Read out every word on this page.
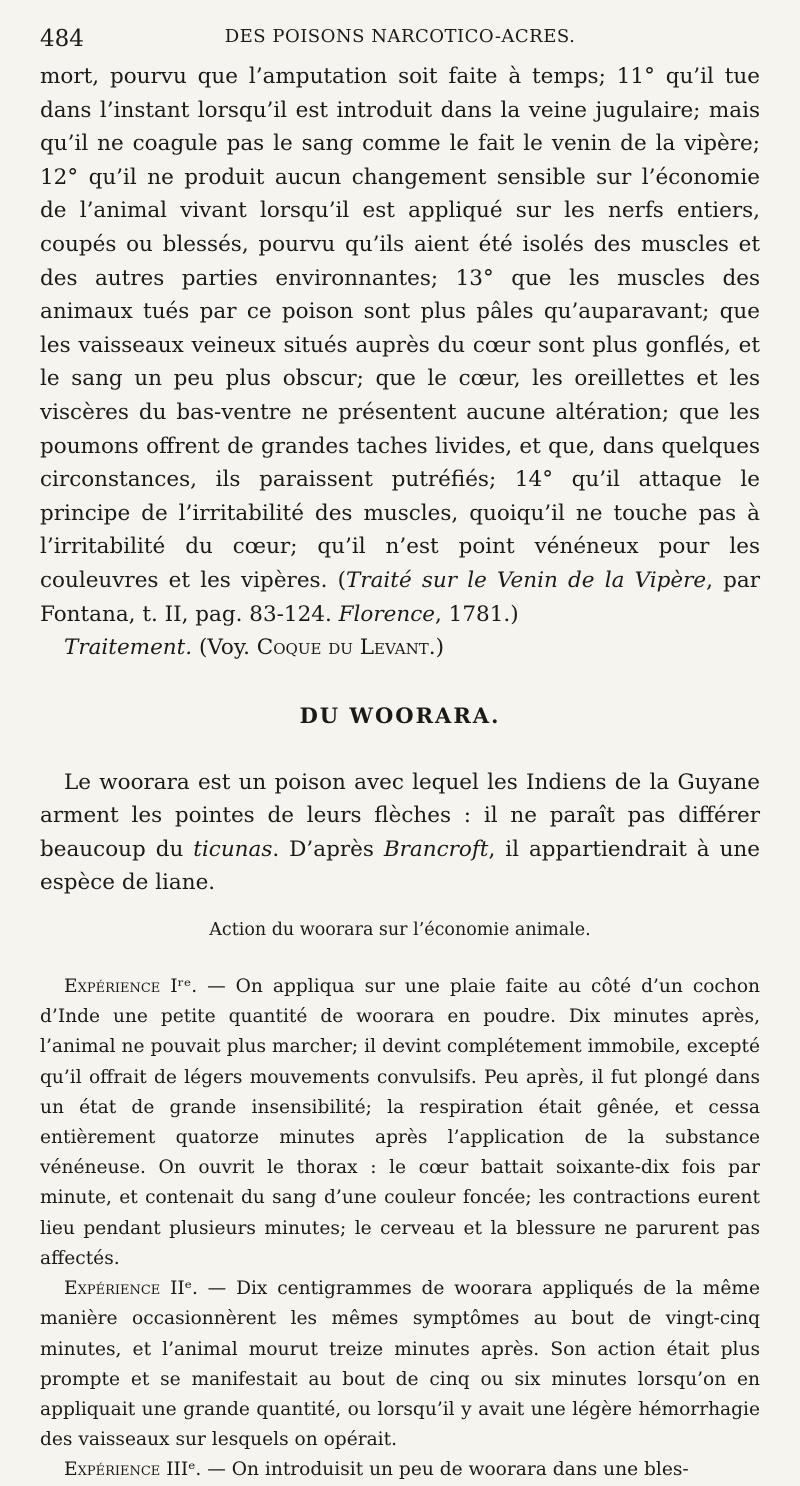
484	DES POISONS NARCOTICO-ACRES.

mort, pourvu que l’amputation soit faite à temps; 11° qu’il tue dans l’instant lorsqu’il est introduit dans la veine jugulaire; mais qu’il ne coagule pas le sang comme le fait le venin de la vipère; 12° qu’il ne produit aucun changement sensible sur l’économie de l’animal vivant lorsqu’il est appliqué sur les nerfs entiers, coupés ou blessés, pourvu qu’ils aient été isolés des muscles et des autres parties environnantes; 13° que les muscles des animaux tués par ce poison sont plus pâles qu’auparavant; que les vaisseaux veineux situés auprès du cœur sont plus gonflés, et le sang un peu plus obscur; que le cœur, les oreillettes et les viscères du bas-ventre ne présentent aucune altération; que les poumons offrent de grandes taches livides, et que, dans quelques circonstances, ils paraissent putréfiés; 14° qu’il attaque le principe de l’irritabilité des muscles, quoiqu’il ne touche pas à l’irritabilité du cœur; qu’il n’est point vénéneux pour les couleuvres et les vipères. (Traité sur le Venin de la Vipère, par Fontana, t. II, pag. 83-124. Florence, 1781.)

Traitement. (Voy. Coque du Levant.)

DU WOORARA.

Le woorara est un poison avec lequel les Indiens de la Guyane arment les pointes de leurs flèches : il ne paraît pas différer beaucoup du ticunas. D’après Brancroft, il appartiendrait à une espèce de liane.

Action du woorara sur l’économie animale.

Expérience Iʳᵉ. — On appliqua sur une plaie faite au côté d’un cochon d’Inde une petite quantité de woorara en poudre. Dix minutes après, l’animal ne pouvait plus marcher; il devint complétement immobile, excepté qu’il offrait de légers mouvements convulsifs. Peu après, il fut plongé dans un état de grande insensibilité; la respiration était gênée, et cessa entièrement quatorze minutes après l’application de la substance vénéneuse. On ouvrit le thorax : le cœur battait soixante-dix fois par minute, et contenait du sang d’une couleur foncée; les contractions eurent lieu pendant plusieurs minutes; le cerveau et la blessure ne parurent pas affectés.

Expérience IIᵉ. — Dix centigrammes de woorara appliqués de la même manière occasionnèrent les mêmes symptômes au bout de vingt-cinq minutes, et l’animal mourut treize minutes après. Son action était plus prompte et se manifestait au bout de cinq ou six minutes lorsqu’on en appliquait une grande quantité, ou lorsqu’il y avait une légère hémorrhagie des vaisseaux sur lesquels on opérait.

Expérience IIIᵉ. — On introduisit un peu de woorara dans une bles-
